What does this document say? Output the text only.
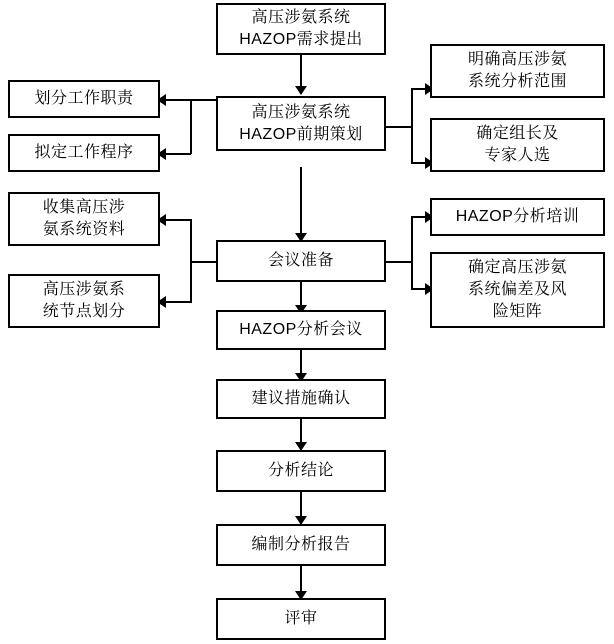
高压涉氨系统
HAZOP需求提出
高压涉氨系统
HAZOP前期策划
划分工作职责
拟定工作程序
明确高压涉氨
系统分析范围
确定组长及
专家人选
会议准备
收集高压涉
氨系统资料
高压涉氨系
统节点划分
HAZOP分析培训
确定高压涉氨
系统偏差及风
险矩阵
HAZOP分析会议
建议措施确认
分析结论
编制分析报告
评审
